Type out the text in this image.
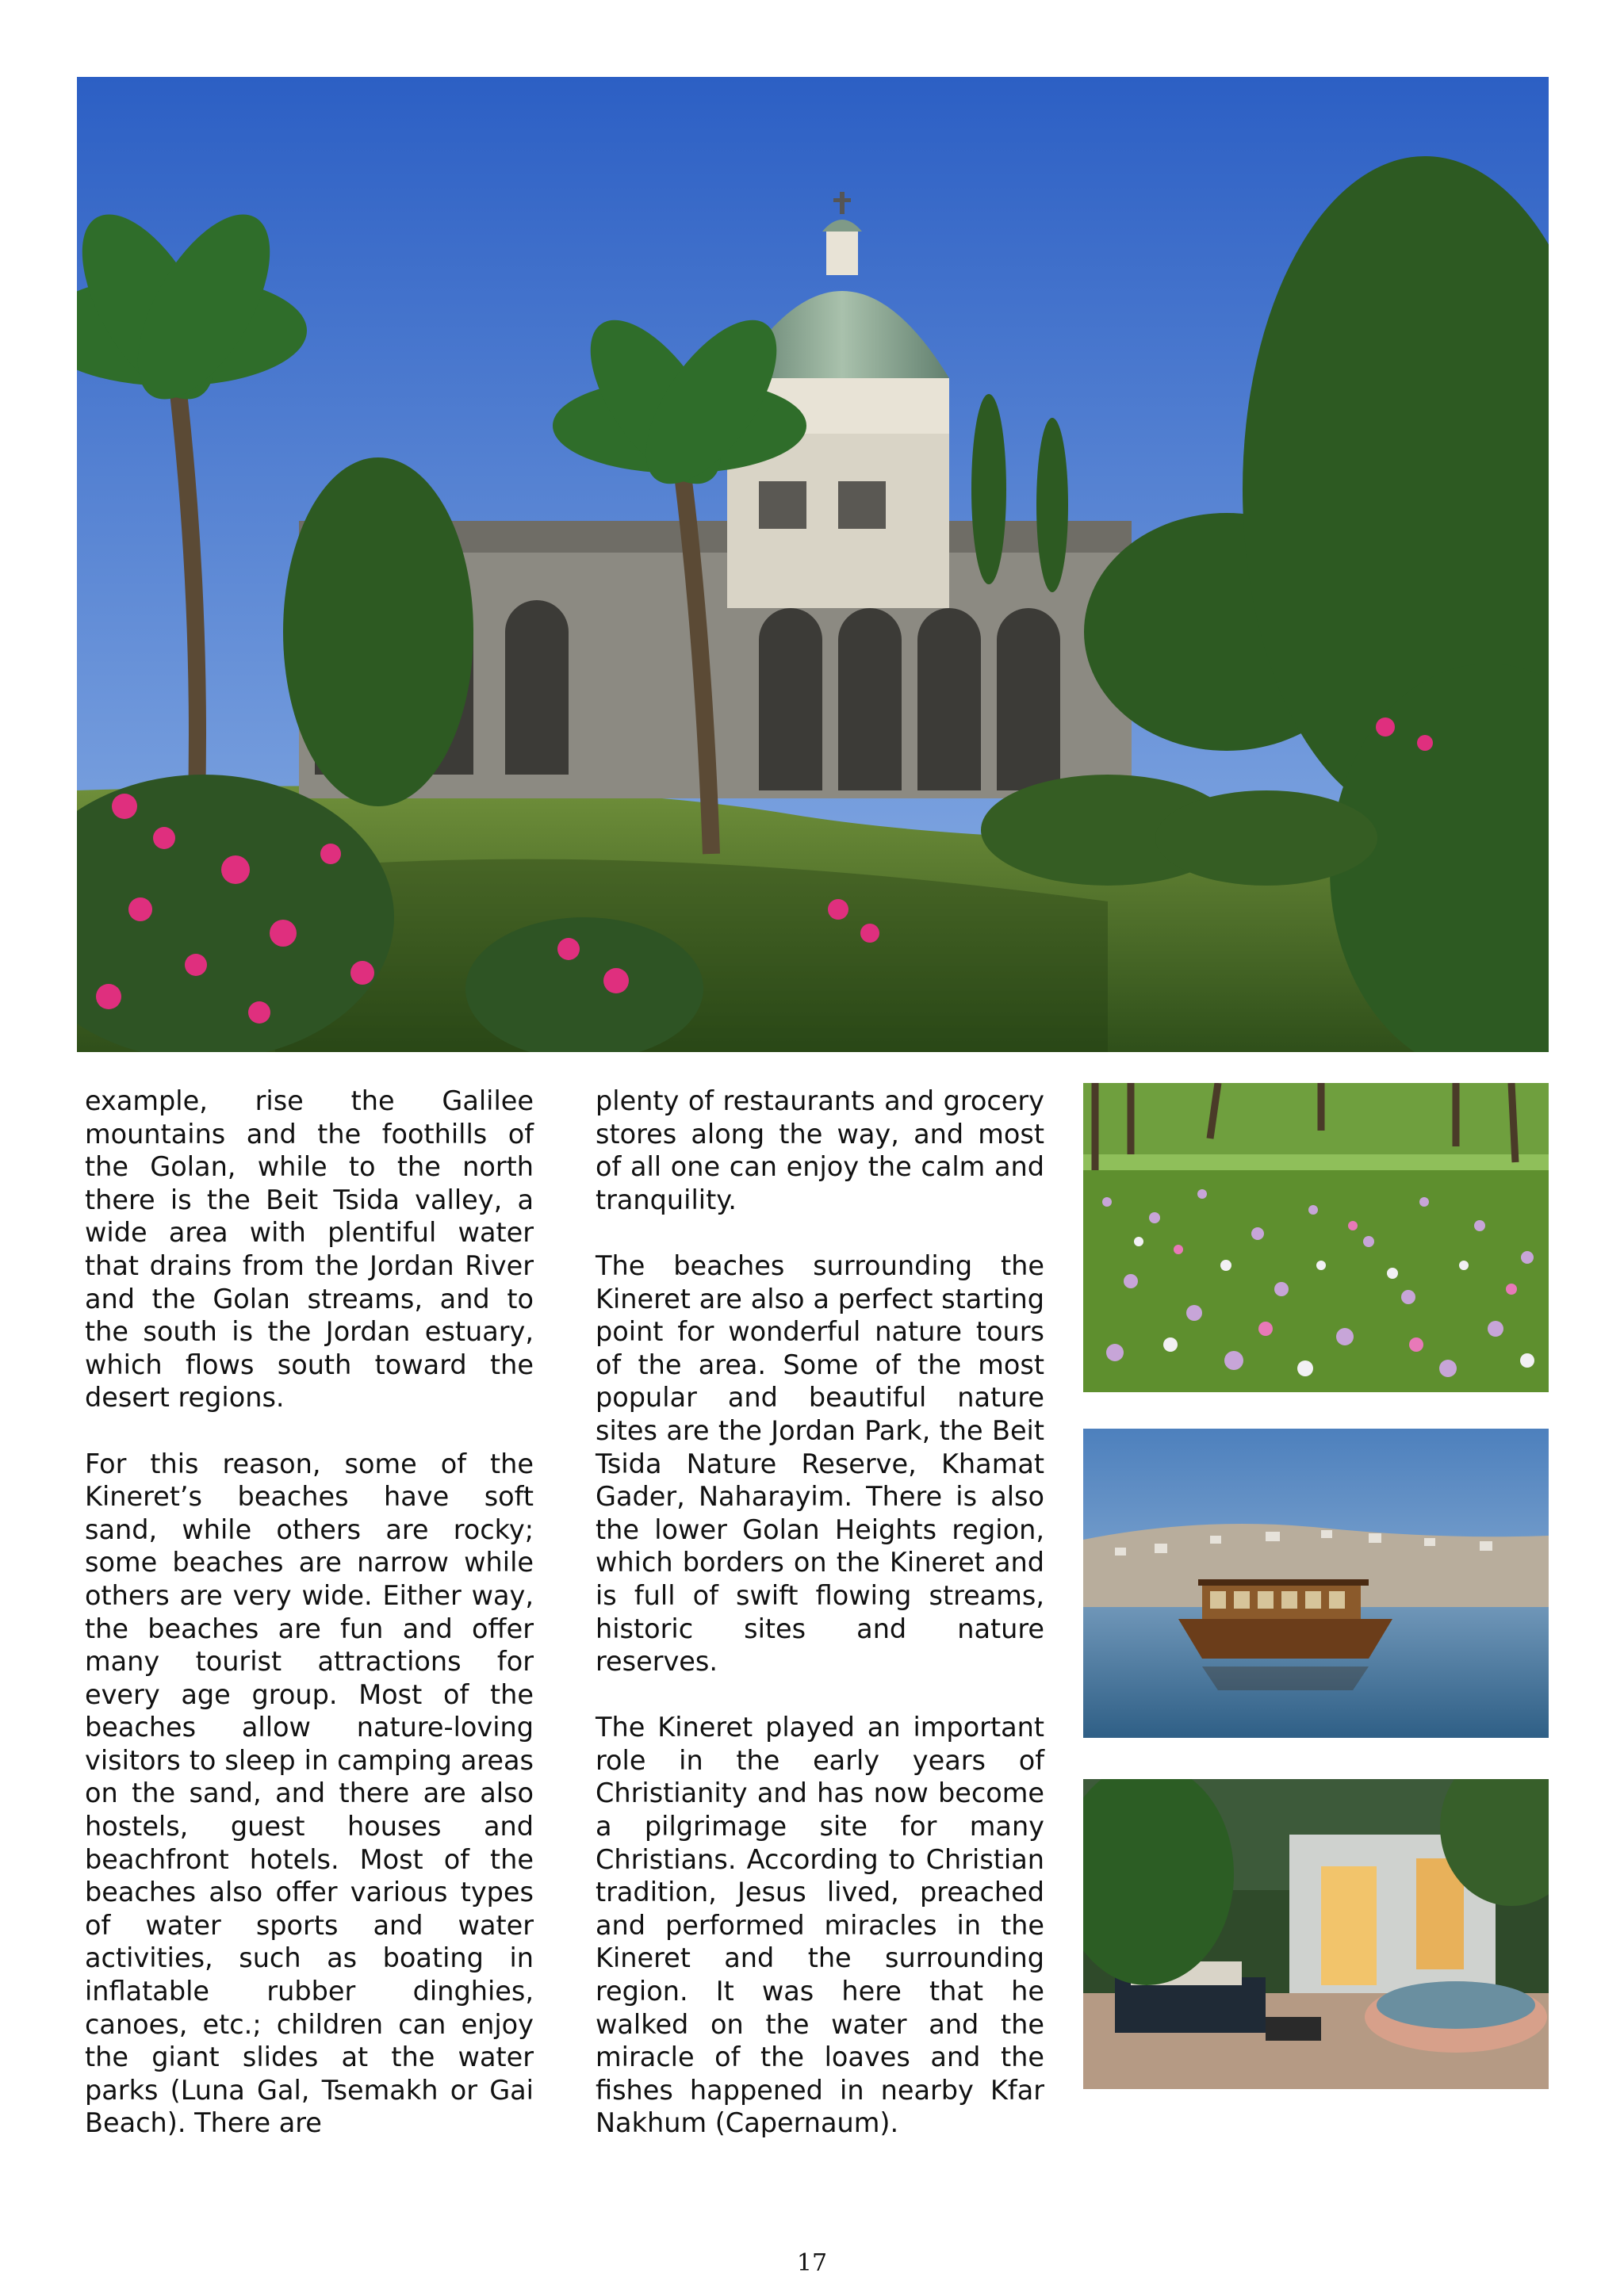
example, rise the Galilee mountains and the foothills of the Golan, while to the north there is the Beit Tsida valley, a wide area with plentiful water that drains from the Jordan River and the Golan streams, and to the south is the Jordan estuary, which flows south toward the desert regions.

For this reason, some of the Kineret’s beaches have soft sand, while others are rocky; some beaches are narrow while others are very wide. Either way, the beaches are fun and offer many tourist attractions for every age group. Most of the beaches allow nature-loving visitors to sleep in camping areas on the sand, and there are also hostels, guest houses and beachfront hotels. Most of the beaches also offer various types of water sports and water activities, such as boating in inflatable rubber dinghies, canoes, etc.; children can enjoy the giant slides at the water parks (Luna Gal, Tsemakh or Gai Beach). There are

plenty of restaurants and grocery stores along the way, and most of all one can enjoy the calm and tranquility.

The beaches surrounding the Kineret are also a perfect starting point for wonderful nature tours of the area. Some of the most popular and beautiful nature sites are the Jordan Park, the Beit Tsida Nature Reserve, Khamat Gader, Naharayim. There is also the lower Golan Heights region, which borders on the Kineret and is full of swift flowing streams, historic sites and nature reserves.

The Kineret played an important role in the early years of Christianity and has now become a pilgrimage site for many Christians. According to Christian tradition, Jesus lived, preached and performed miracles in the Kineret and the surrounding region. It was here that he walked on the water and the miracle of the loaves and the fishes happened in nearby Kfar Nakhum (Capernaum).

17
